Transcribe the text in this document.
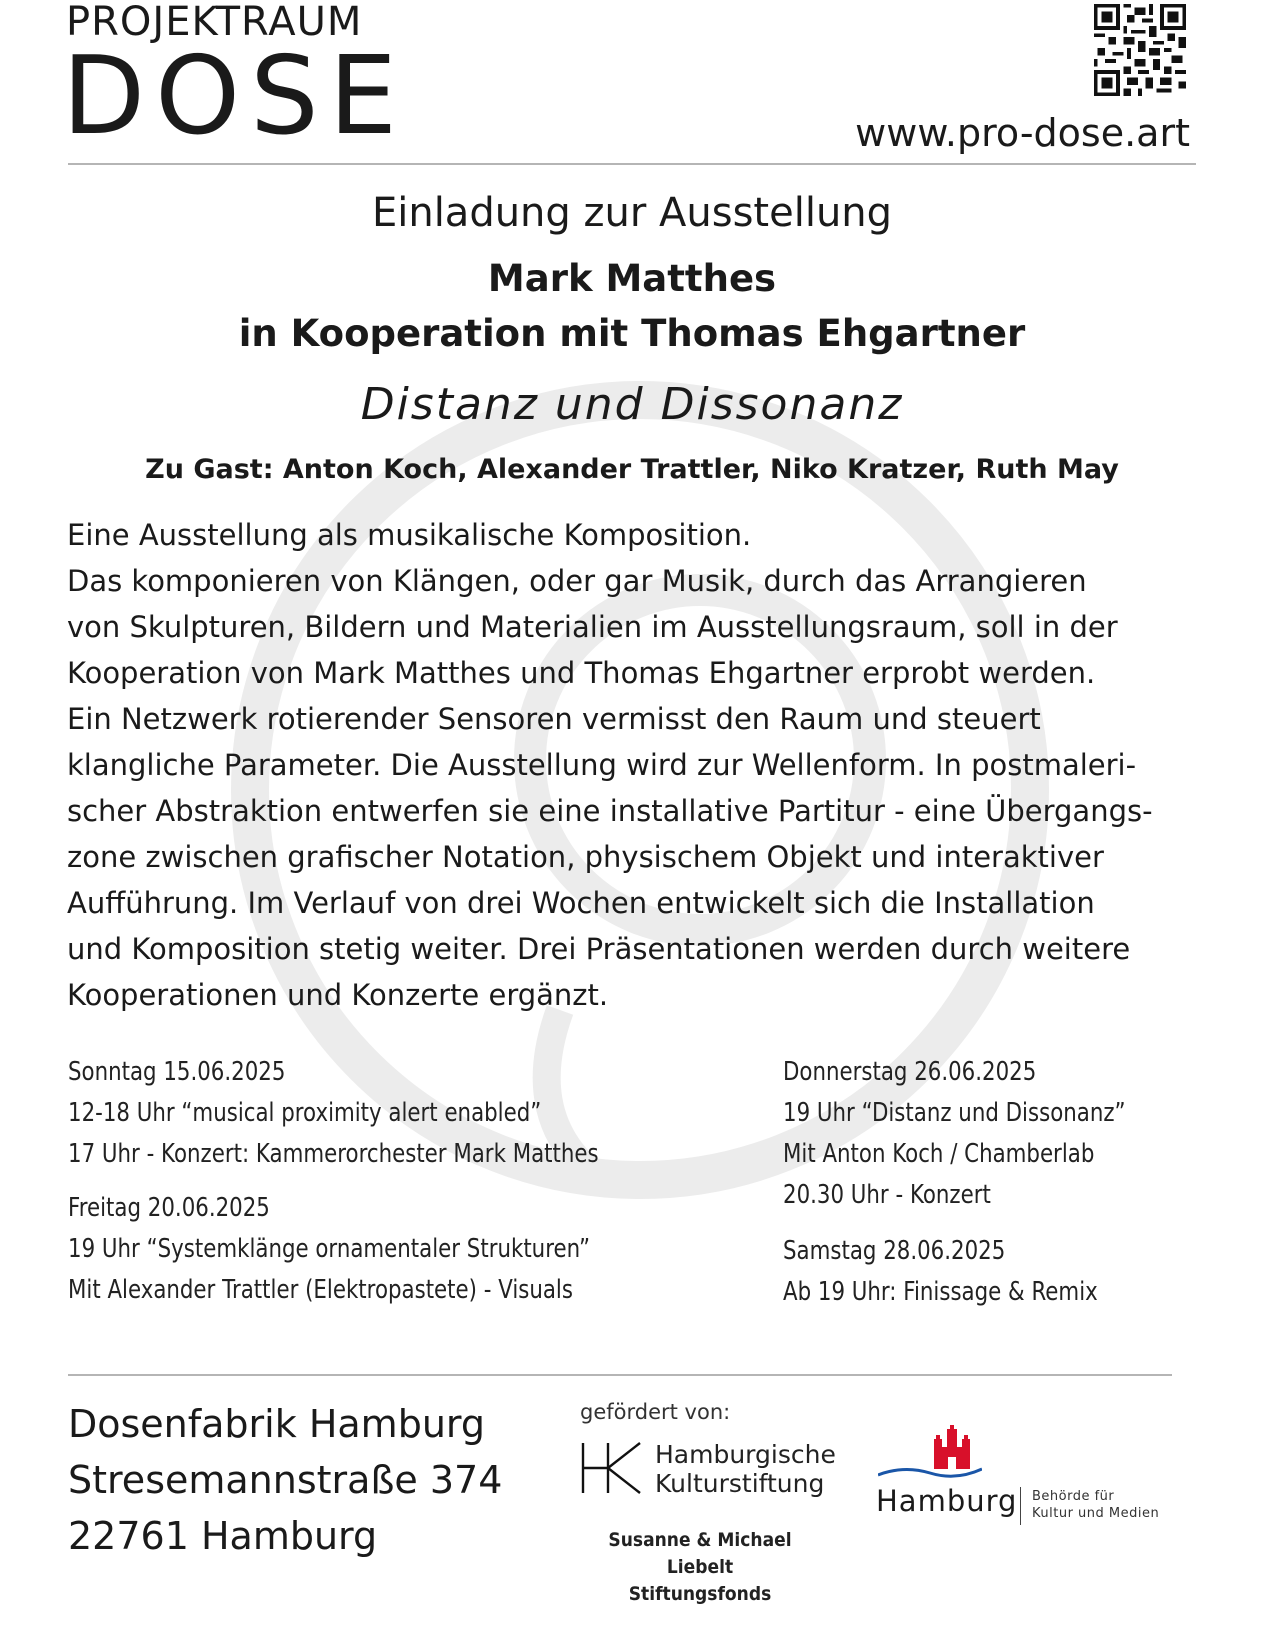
PROJEKTRAUM
DOSE	www.pro-dose.art
Einladung zur Ausstellung
Mark Matthes
in Kooperation mit Thomas Ehgartner
Distanz und Dissonanz
Zu Gast: Anton Koch, Alexander Trattler, Niko Kratzer, Ruth May

Eine Ausstellung als musikalische Komposition.

Das komponieren von Klängen, oder gar Musik, durch das Arrangieren

von Skulpturen, Bildern und Materialien im Ausstellungsraum, soll in der

Kooperation von Mark Matthes und Thomas Ehgartner erprobt werden.

Ein Netzwerk rotierender Sensoren vermisst den Raum und steuert

klangliche Parameter. Die Ausstellung wird zur Wellenform. In postmaleri-

scher Abstraktion entwerfen sie eine installative Partitur - eine Übergangs-

zone zwischen grafischer Notation, physischem Objekt und interaktiver

Aufführung. Im Verlauf von drei Wochen entwickelt sich die Installation

und Komposition stetig weiter. Drei Präsentationen werden durch weitere

Kooperationen und Konzerte ergänzt.

Sonntag 15.06.2025
12-18 Uhr “musical proximity alert enabled”
17 Uhr - Konzert: Kammerorchester Mark Matthes
Freitag 20.06.2025
19 Uhr “Systemklänge ornamentaler Strukturen”
Mit Alexander Trattler (Elektropastete) - Visuals
Donnerstag 26.06.2025
19 Uhr “Distanz und Dissonanz”
Mit Anton Koch / Chamberlab
20.30 Uhr - Konzert
Samstag 28.06.2025
Ab 19 Uhr: Finissage & Remix
Dosenfabrik Hamburg
Stresemannstraße 374
22761 Hamburg
gefördert von:
Hamburgische
Kulturstiftung
Susanne & Michael Liebelt
Stiftungsfonds
Hamburg Behörde für
Kultur und Medien
